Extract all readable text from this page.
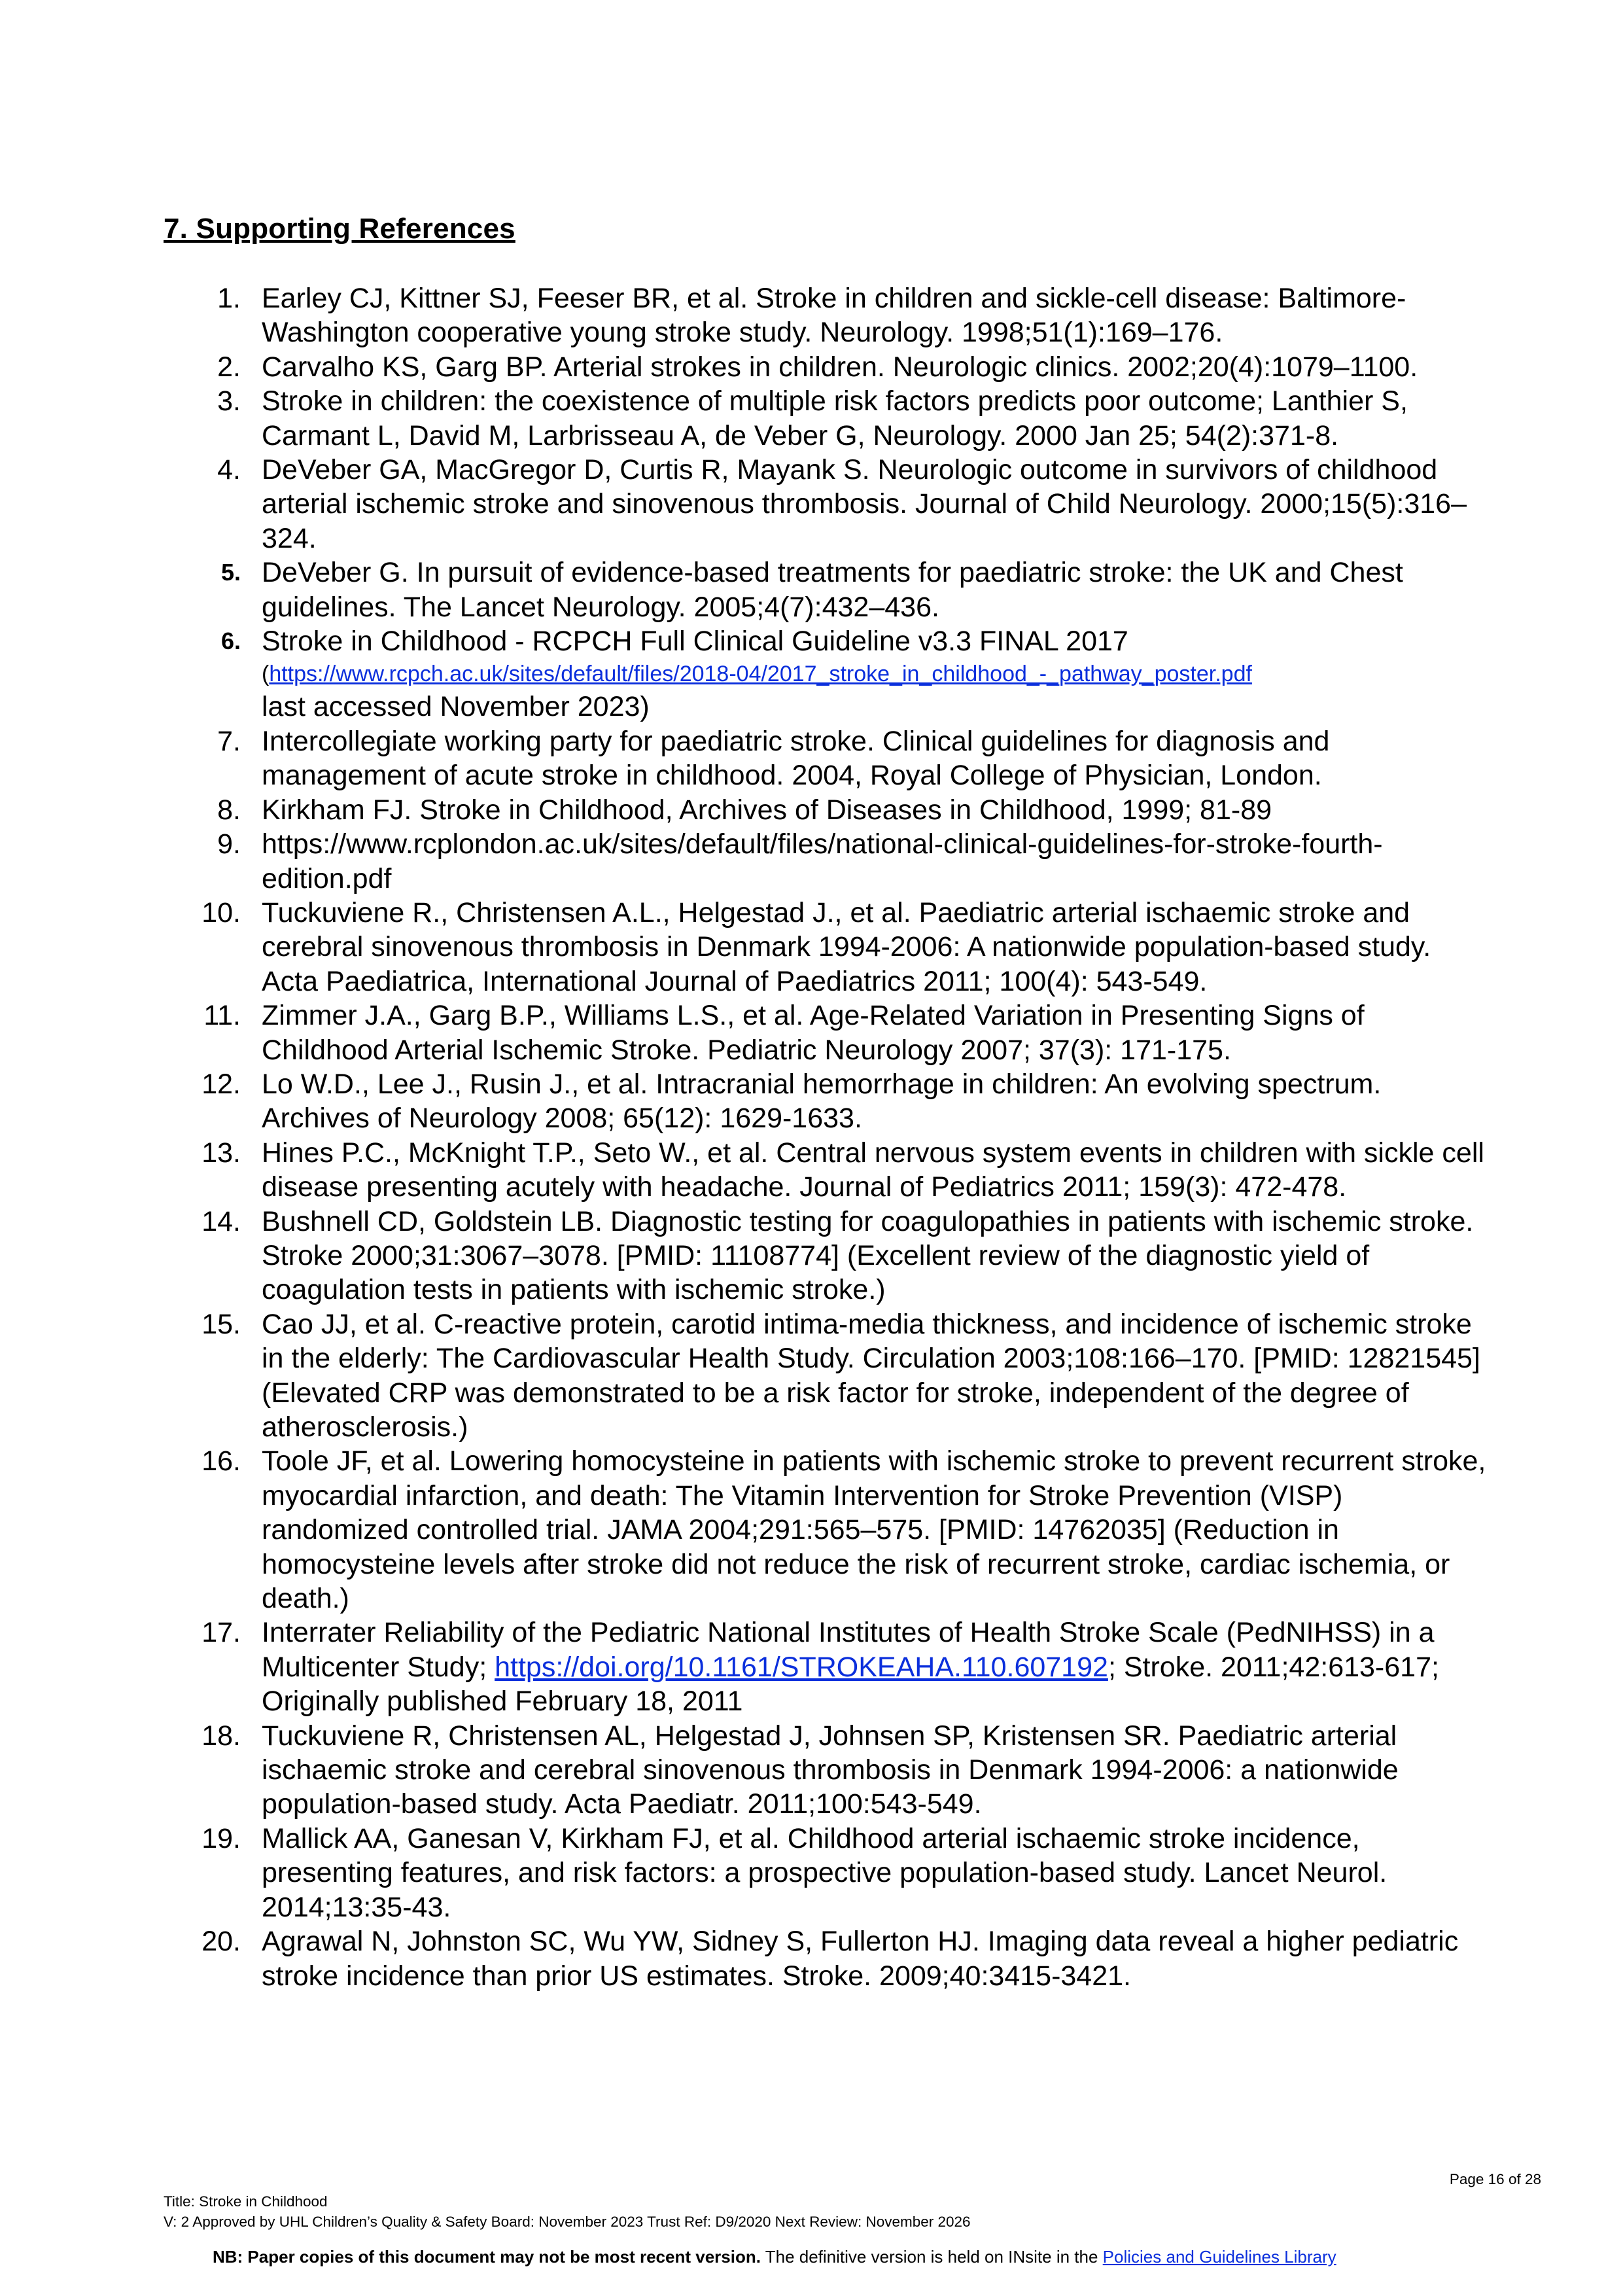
7. Supporting References
1. Earley CJ, Kittner SJ, Feeser BR, et al. Stroke in children and sickle-cell disease: Baltimore-Washington cooperative young stroke study. Neurology. 1998;51(1):169–176.
2. Carvalho KS, Garg BP. Arterial strokes in children. Neurologic clinics. 2002;20(4):1079–1100.
3. Stroke in children: the coexistence of multiple risk factors predicts poor outcome; Lanthier S, Carmant L, David M, Larbrisseau A, de Veber G, Neurology. 2000 Jan 25; 54(2):371-8.
4. DeVeber GA, MacGregor D, Curtis R, Mayank S. Neurologic outcome in survivors of childhood arterial ischemic stroke and sinovenous thrombosis. Journal of Child Neurology. 2000;15(5):316–324.
5. DeVeber G. In pursuit of evidence-based treatments for paediatric stroke: the UK and Chest guidelines. The Lancet Neurology. 2005;4(7):432–436.
6. Stroke in Childhood - RCPCH Full Clinical Guideline v3.3 FINAL 2017
(https://www.rcpch.ac.uk/sites/default/files/2018-04/2017_stroke_in_childhood_-_pathway_poster.pdf
last accessed November 2023)
7. Intercollegiate working party for paediatric stroke. Clinical guidelines for diagnosis and management of acute stroke in childhood. 2004, Royal College of Physician, London.
8. Kirkham FJ. Stroke in Childhood, Archives of Diseases in Childhood, 1999; 81-89
9. https://www.rcplondon.ac.uk/sites/default/files/national-clinical-guidelines-for-stroke-fourth-edition.pdf
10. Tuckuviene R., Christensen A.L., Helgestad J., et al. Paediatric arterial ischaemic stroke and cerebral sinovenous thrombosis in Denmark 1994-2006: A nationwide population-based study. Acta Paediatrica, International Journal of Paediatrics 2011; 100(4): 543-549.
11. Zimmer J.A., Garg B.P., Williams L.S., et al. Age-Related Variation in Presenting Signs of Childhood Arterial Ischemic Stroke. Pediatric Neurology 2007; 37(3): 171-175.
12. Lo W.D., Lee J., Rusin J., et al. Intracranial hemorrhage in children: An evolving spectrum. Archives of Neurology 2008; 65(12): 1629-1633.
13. Hines P.C., McKnight T.P., Seto W., et al. Central nervous system events in children with sickle cell disease presenting acutely with headache. Journal of Pediatrics 2011; 159(3): 472-478.
14. Bushnell CD, Goldstein LB. Diagnostic testing for coagulopathies in patients with ischemic stroke. Stroke 2000;31:3067–3078. [PMID: 11108774] (Excellent review of the diagnostic yield of coagulation tests in patients with ischemic stroke.)
15. Cao JJ, et al. C-reactive protein, carotid intima-media thickness, and incidence of ischemic stroke in the elderly: The Cardiovascular Health Study. Circulation 2003;108:166–170. [PMID: 12821545] (Elevated CRP was demonstrated to be a risk factor for stroke, independent of the degree of atherosclerosis.)
16. Toole JF, et al. Lowering homocysteine in patients with ischemic stroke to prevent recurrent stroke, myocardial infarction, and death: The Vitamin Intervention for Stroke Prevention (VISP) randomized controlled trial. JAMA 2004;291:565–575. [PMID: 14762035] (Reduction in homocysteine levels after stroke did not reduce the risk of recurrent stroke, cardiac ischemia, or death.)
17. Interrater Reliability of the Pediatric National Institutes of Health Stroke Scale (PedNIHSS) in a Multicenter Study; https://doi.org/10.1161/STROKEAHA.110.607192; Stroke. 2011;42:613-617; Originally published February 18, 2011
18. Tuckuviene R, Christensen AL, Helgestad J, Johnsen SP, Kristensen SR. Paediatric arterial ischaemic stroke and cerebral sinovenous thrombosis in Denmark 1994-2006: a nationwide population-based study. Acta Paediatr. 2011;100:543-549.
19. Mallick AA, Ganesan V, Kirkham FJ, et al. Childhood arterial ischaemic stroke incidence, presenting features, and risk factors: a prospective population-based study. Lancet Neurol. 2014;13:35-43.
20. Agrawal N, Johnston SC, Wu YW, Sidney S, Fullerton HJ. Imaging data reveal a higher pediatric stroke incidence than prior US estimates. Stroke. 2009;40:3415-3421.
Page 16 of 28
Title: Stroke in Childhood
V: 2 Approved by UHL Children’s Quality & Safety Board: November 2023 Trust Ref: D9/2020 Next Review: November 2026
NB: Paper copies of this document may not be most recent version. The definitive version is held on INsite in the Policies and Guidelines Library
